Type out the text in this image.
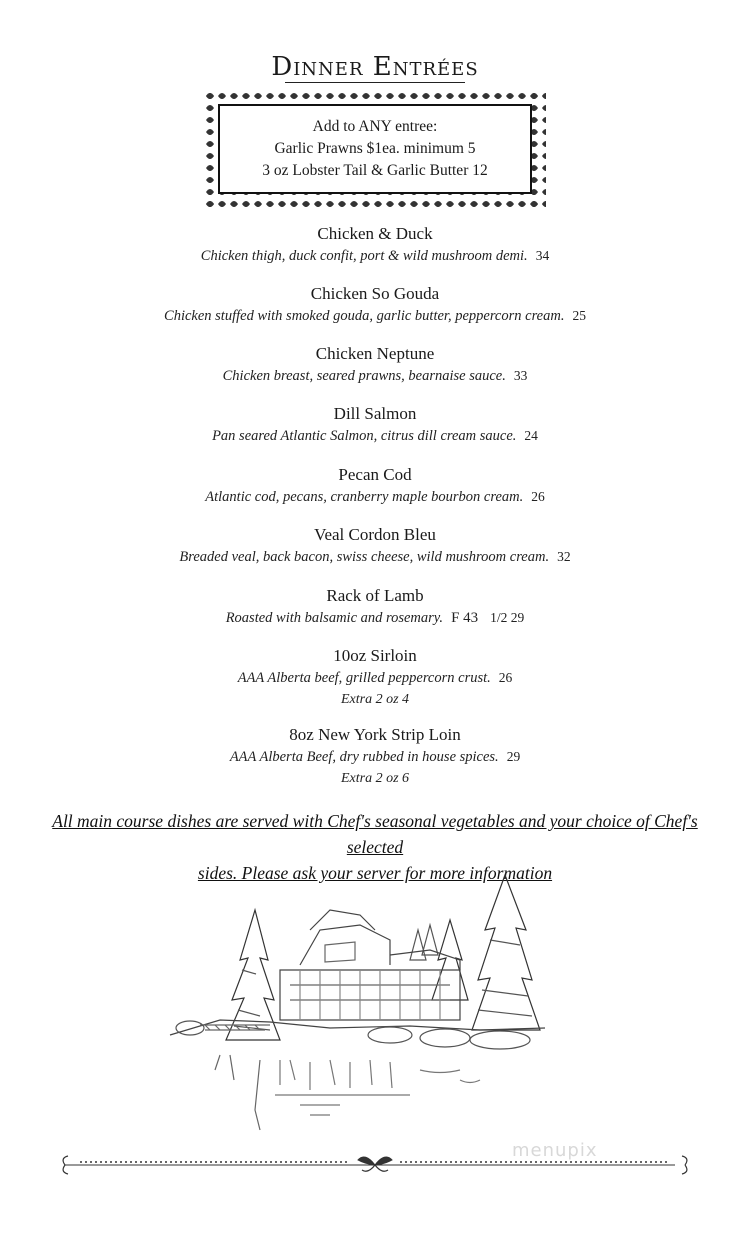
Dinner Entrées
Add to ANY entree:
Garlic Prawns $1ea. minimum 5
3 oz Lobster Tail & Garlic Butter 12
Chicken & Duck
Chicken thigh, duck confit, port & wild mushroom demi. 34
Chicken So Gouda
Chicken stuffed with smoked gouda, garlic butter, peppercorn cream. 25
Chicken Neptune
Chicken breast, seared prawns, bearnaise sauce. 33
Dill Salmon
Pan seared Atlantic Salmon, citrus dill cream sauce. 24
Pecan Cod
Atlantic cod, pecans, cranberry maple bourbon cream. 26
Veal Cordon Bleu
Breaded veal, back bacon, swiss cheese, wild mushroom cream. 32
Rack of Lamb
Roasted with balsamic and rosemary. F 43 1/2 29
10oz Sirloin
AAA Alberta beef, grilled peppercorn crust. 26
Extra 2 oz 4
8oz New York Strip Loin
AAA Alberta Beef, dry rubbed in house spices. 29
Extra 2 oz 6
All main course dishes are served with Chef's seasonal vegetables and your choice of Chef's selected
sides. Please ask your server for more information
menupix
